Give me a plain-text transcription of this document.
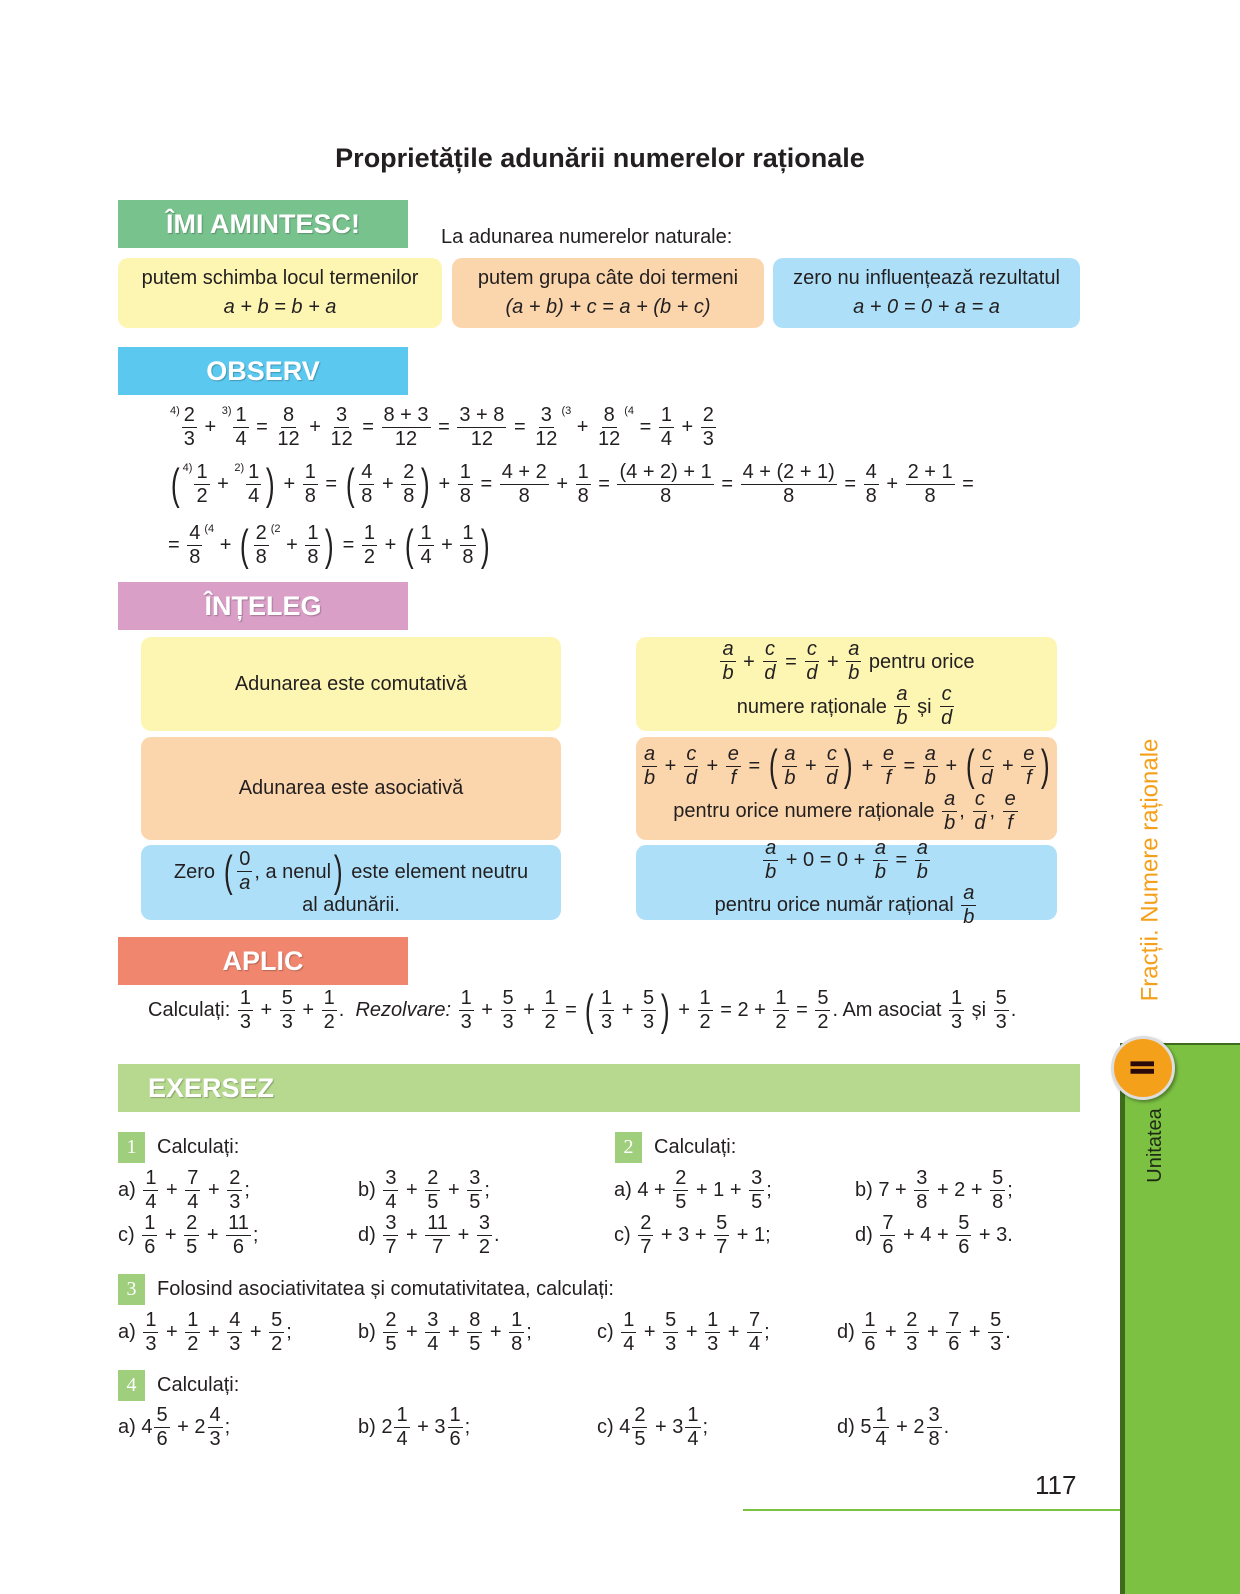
Proprietățile adunării numerelor raționale
ÎMI AMINTESC!	La adunarea numerelor naturale:
putem schimba locul termenilor
a + b = b + a
putem grupa câte doi termeni
(a + b) + c = a + (b + c)
zero nu influențează rezultatul
a + 0 = 0 + a = a
OBSERV
$4) \frac{2}{3}$ +
$3) \frac{1}{4} = \frac{8}{12} + \frac{3}{12} = \frac{8 + 3}{12} = \frac{3 + 8}{12} = \frac{3}{12} (3$
+ $\frac{8}{12} (4$
= $\frac{1}{4} + \frac{2}{3}$
( $4) \frac{1}{2}$ +
$2) \frac{1}{4}$ ) + $\frac{1}{8}$ = ( $\frac{4}{8} + \frac{2}{8}$ ) + $\frac{1}{8} = \frac{4 + 2}{8} + \frac{1}{8} = \frac{(4 + 2) + 1}{8} = \frac{4 + (2 + 1)}{8} = \frac{4}{8} + \frac{2 + 1}{8}$ =
= $\frac{4}{8} (4$
+ ( $\frac{2}{8} (2$
+ $\frac{1}{8}$ ) = $\frac{1}{2}$ + ( $\frac{1}{4} + \frac{1}{8}$ )
ÎNȚELEG
Adunarea este comutativă
Adunarea este asociativă
Zero ( $\frac{0}{a}$ , a nenul ) este element neutru
al adunării.
$\frac{a}{b} + \frac{c}{d} = \frac{c}{d} + \frac{a}{b}$ pentru orice
numere raționale $\frac{a}{b}$ și $\frac{c}{d}$
$\frac{a}{b} + \frac{c}{d} + \frac{e}{f}$ = ( $\frac{a}{b} + \frac{c}{d}$ ) + $\frac{e}{f} = \frac{a}{b}$ + ( $\frac{c}{d} + \frac{e}{f}$ )
pentru orice numere raționale $\frac{a}{b}$ , $\frac{c}{d}$ , $\frac{e}{f}$
$\frac{a}{b} + 0 = 0 + \frac{a}{b} = \frac{a}{b}$
pentru orice număr rațional $\frac{a}{b}$
APLIC
Calculați: $\frac{1}{3} + \frac{5}{3} + \frac{1}{2}$ . Rezolvare:
$\frac{1}{3} + \frac{5}{3} + \frac{1}{2}$ = ( $\frac{1}{3} + \frac{5}{3}$ ) + $\frac{1}{2} = 2 + \frac{1}{2} = \frac{5}{2}$ . Am asociat $\frac{1}{3}$ și $\frac{5}{3}$ .
EXERSEZ
1	Calculați:
$a) \frac{1}{4} + \frac{7}{4} + \frac{2}{3}$ ;	$b) \frac{3}{4} + \frac{2}{5} + \frac{3}{5}$ ;
$c) \frac{1}{6} + \frac{2}{5} + \frac{11}{6}$ ;	$d) \frac{3}{7} + \frac{11}{7} + \frac{3}{2}$ .
2	Calculați:
a) $4 + \frac{2}{5} + 1 + \frac{3}{5}$ ;	b) $7 + \frac{3}{8} + 2 + \frac{5}{8}$ ;
$c) \frac{2}{7} + 3 + \frac{5}{7} + 1$;	$d) \frac{7}{6} + 4 + \frac{5}{6} + 3$.
3	Folosind asociativitatea și comutativitatea, calculați:
$a) \frac{1}{3} + \frac{1}{2} + \frac{4}{3} + \frac{5}{2}$ ;	$b) \frac{2}{5} + \frac{3}{4} + \frac{8}{5} + \frac{1}{8}$ ;	$c) \frac{1}{4} + \frac{5}{3} + \frac{1}{3} + \frac{7}{4}$ ;	$d) \frac{1}{6} + \frac{2}{3} + \frac{7}{6} + \frac{5}{3}$ .
4	Calculați:
a) $4 \frac{5}{6} + 2 \frac{4}{3}$ ;	b) $2 \frac{1}{4} + 3 \frac{1}{6}$ ;	c) $4 \frac{2}{5} + 3 \frac{1}{4}$ ;	d) $5 \frac{1}{4} + 2 \frac{3}{8}$ .
Unitatea
II
Fracții. Numere raționale
117
